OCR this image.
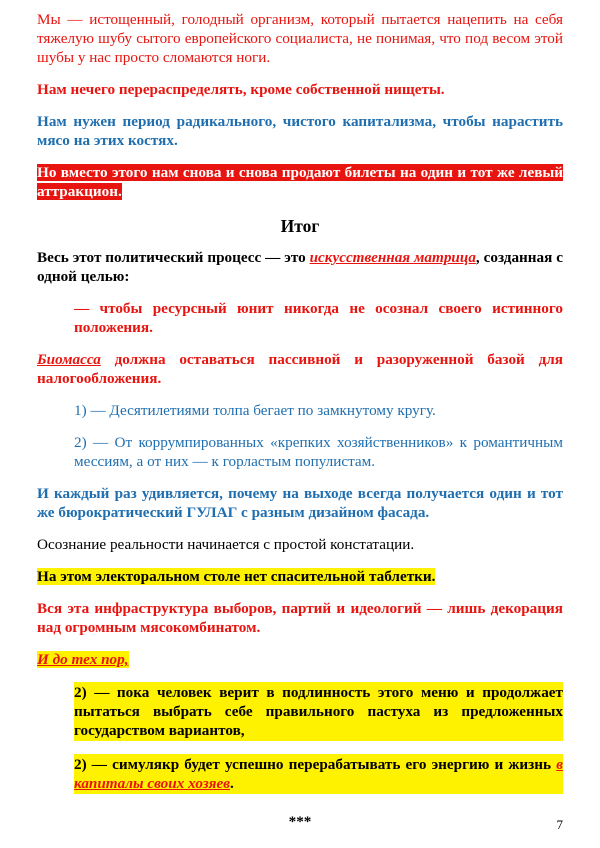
Мы — истощенный, голодный организм, который пытается нацепить на себя тяжелую шубу сытого европейского социалиста, не понимая, что под весом этой шубы у нас просто сломаются ноги.

Нам нечего перераспределять, кроме собственной нищеты.

Нам нужен период радикального, чистого капитализма, чтобы нарастить мясо на этих костях.

Но вместо этого нам снова и снова продают билеты на один и тот же левый аттракцион.

Итог

Весь этот политический процесс — это искусственная матрица, созданная с одной целью:

— чтобы ресурсный юнит никогда не осознал своего истинного положения.

Биомасса должна оставаться пассивной и разоруженной базой для налогообложения.

1) — Десятилетиями толпа бегает по замкнутому кругу.

2) — От коррумпированных «крепких хозяйственников» к романтичным мессиям, а от них — к горластым популистам.

И каждый раз удивляется, почему на выходе всегда получается один и тот же бюрократический ГУЛАГ с разным дизайном фасада.

Осознание реальности начинается с простой констатации.

На этом электоральном столе нет спасительной таблетки.

Вся эта инфраструктура выборов, партий и идеологий — лишь декорация над огромным мясокомбинатом.

И до тех пор,

2) — пока человек верит в подлинность этого меню и продолжает пытаться выбрать себе правильного пастуха из предложенных государством вариантов,

2) — симулякр будет успешно перерабатывать его энергию и жизнь в капиталы своих хозяев.

***	7
